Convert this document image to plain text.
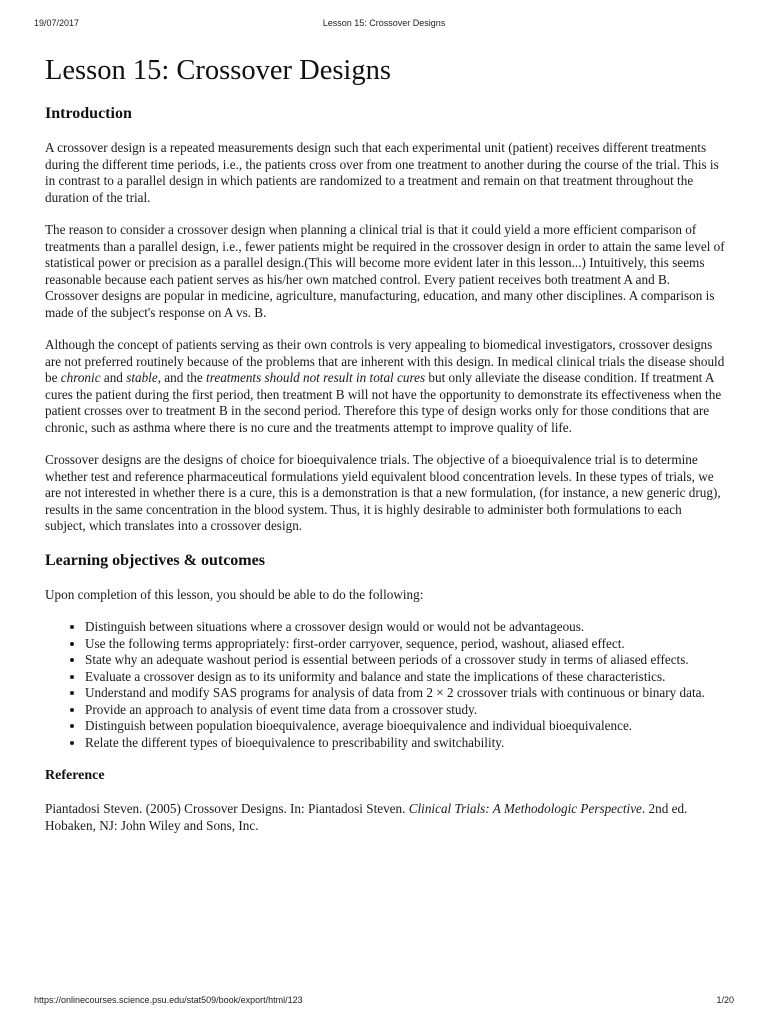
19/07/2017	Lesson 15: Crossover Designs
Lesson 15: Crossover Designs
Introduction

A crossover design is a repeated measurements design such that each experimental unit (patient) receives different treatments during the different time periods, i.e., the patients cross over from one treatment to another during the course of the trial. This is in contrast to a parallel design in which patients are randomized to a treatment and remain on that treatment throughout the duration of the trial.

The reason to consider a crossover design when planning a clinical trial is that it could yield a more efficient comparison of treatments than a parallel design, i.e., fewer patients might be required in the crossover design in order to attain the same level of statistical power or precision as a parallel design.(This will become more evident later in this lesson...) Intuitively, this seems reasonable because each patient serves as his/her own matched control. Every patient receives both treatment A and B. Crossover designs are popular in medicine, agriculture, manufacturing, education, and many other disciplines. A comparison is made of the subject's response on A vs. B.

Although the concept of patients serving as their own controls is very appealing to biomedical investigators, crossover designs are not preferred routinely because of the problems that are inherent with this design. In medical clinical trials the disease should be chronic and stable, and the treatments should not result in total cures but only alleviate the disease condition. If treatment A cures the patient during the first period, then treatment B will not have the opportunity to demonstrate its effectiveness when the patient crosses over to treatment B in the second period. Therefore this type of design works only for those conditions that are chronic, such as asthma where there is no cure and the treatments attempt to improve quality of life.

Crossover designs are the designs of choice for bioequivalence trials. The objective of a bioequivalence trial is to determine whether test and reference pharmaceutical formulations yield equivalent blood concentration levels. In these types of trials, we are not interested in whether there is a cure, this is a demonstration is that a new formulation, (for instance, a new generic drug), results in the same concentration in the blood system. Thus, it is highly desirable to administer both formulations to each subject, which translates into a crossover design.

Learning objectives & outcomes

Upon completion of this lesson, you should be able to do the following:

• Distinguish between situations where a crossover design would or would not be advantageous.
• Use the following terms appropriately: first-order carryover, sequence, period, washout, aliased effect.
• State why an adequate washout period is essential between periods of a crossover study in terms of aliased effects.
• Evaluate a crossover design as to its uniformity and balance and state the implications of these characteristics.
• Understand and modify SAS programs for analysis of data from 2 × 2 crossover trials with continuous or binary data.
• Provide an approach to analysis of event time data from a crossover study.
• Distinguish between population bioequivalence, average bioequivalence and individual bioequivalence.
• Relate the different types of bioequivalence to prescribability and switchability.
Reference

Piantadosi Steven. (2005) Crossover Designs. In: Piantadosi Steven. Clinical Trials: A Methodologic Perspective. 2nd ed. Hobaken, NJ: John Wiley and Sons, Inc.

https://onlinecourses.science.psu.edu/stat509/book/export/html/123	1/20
